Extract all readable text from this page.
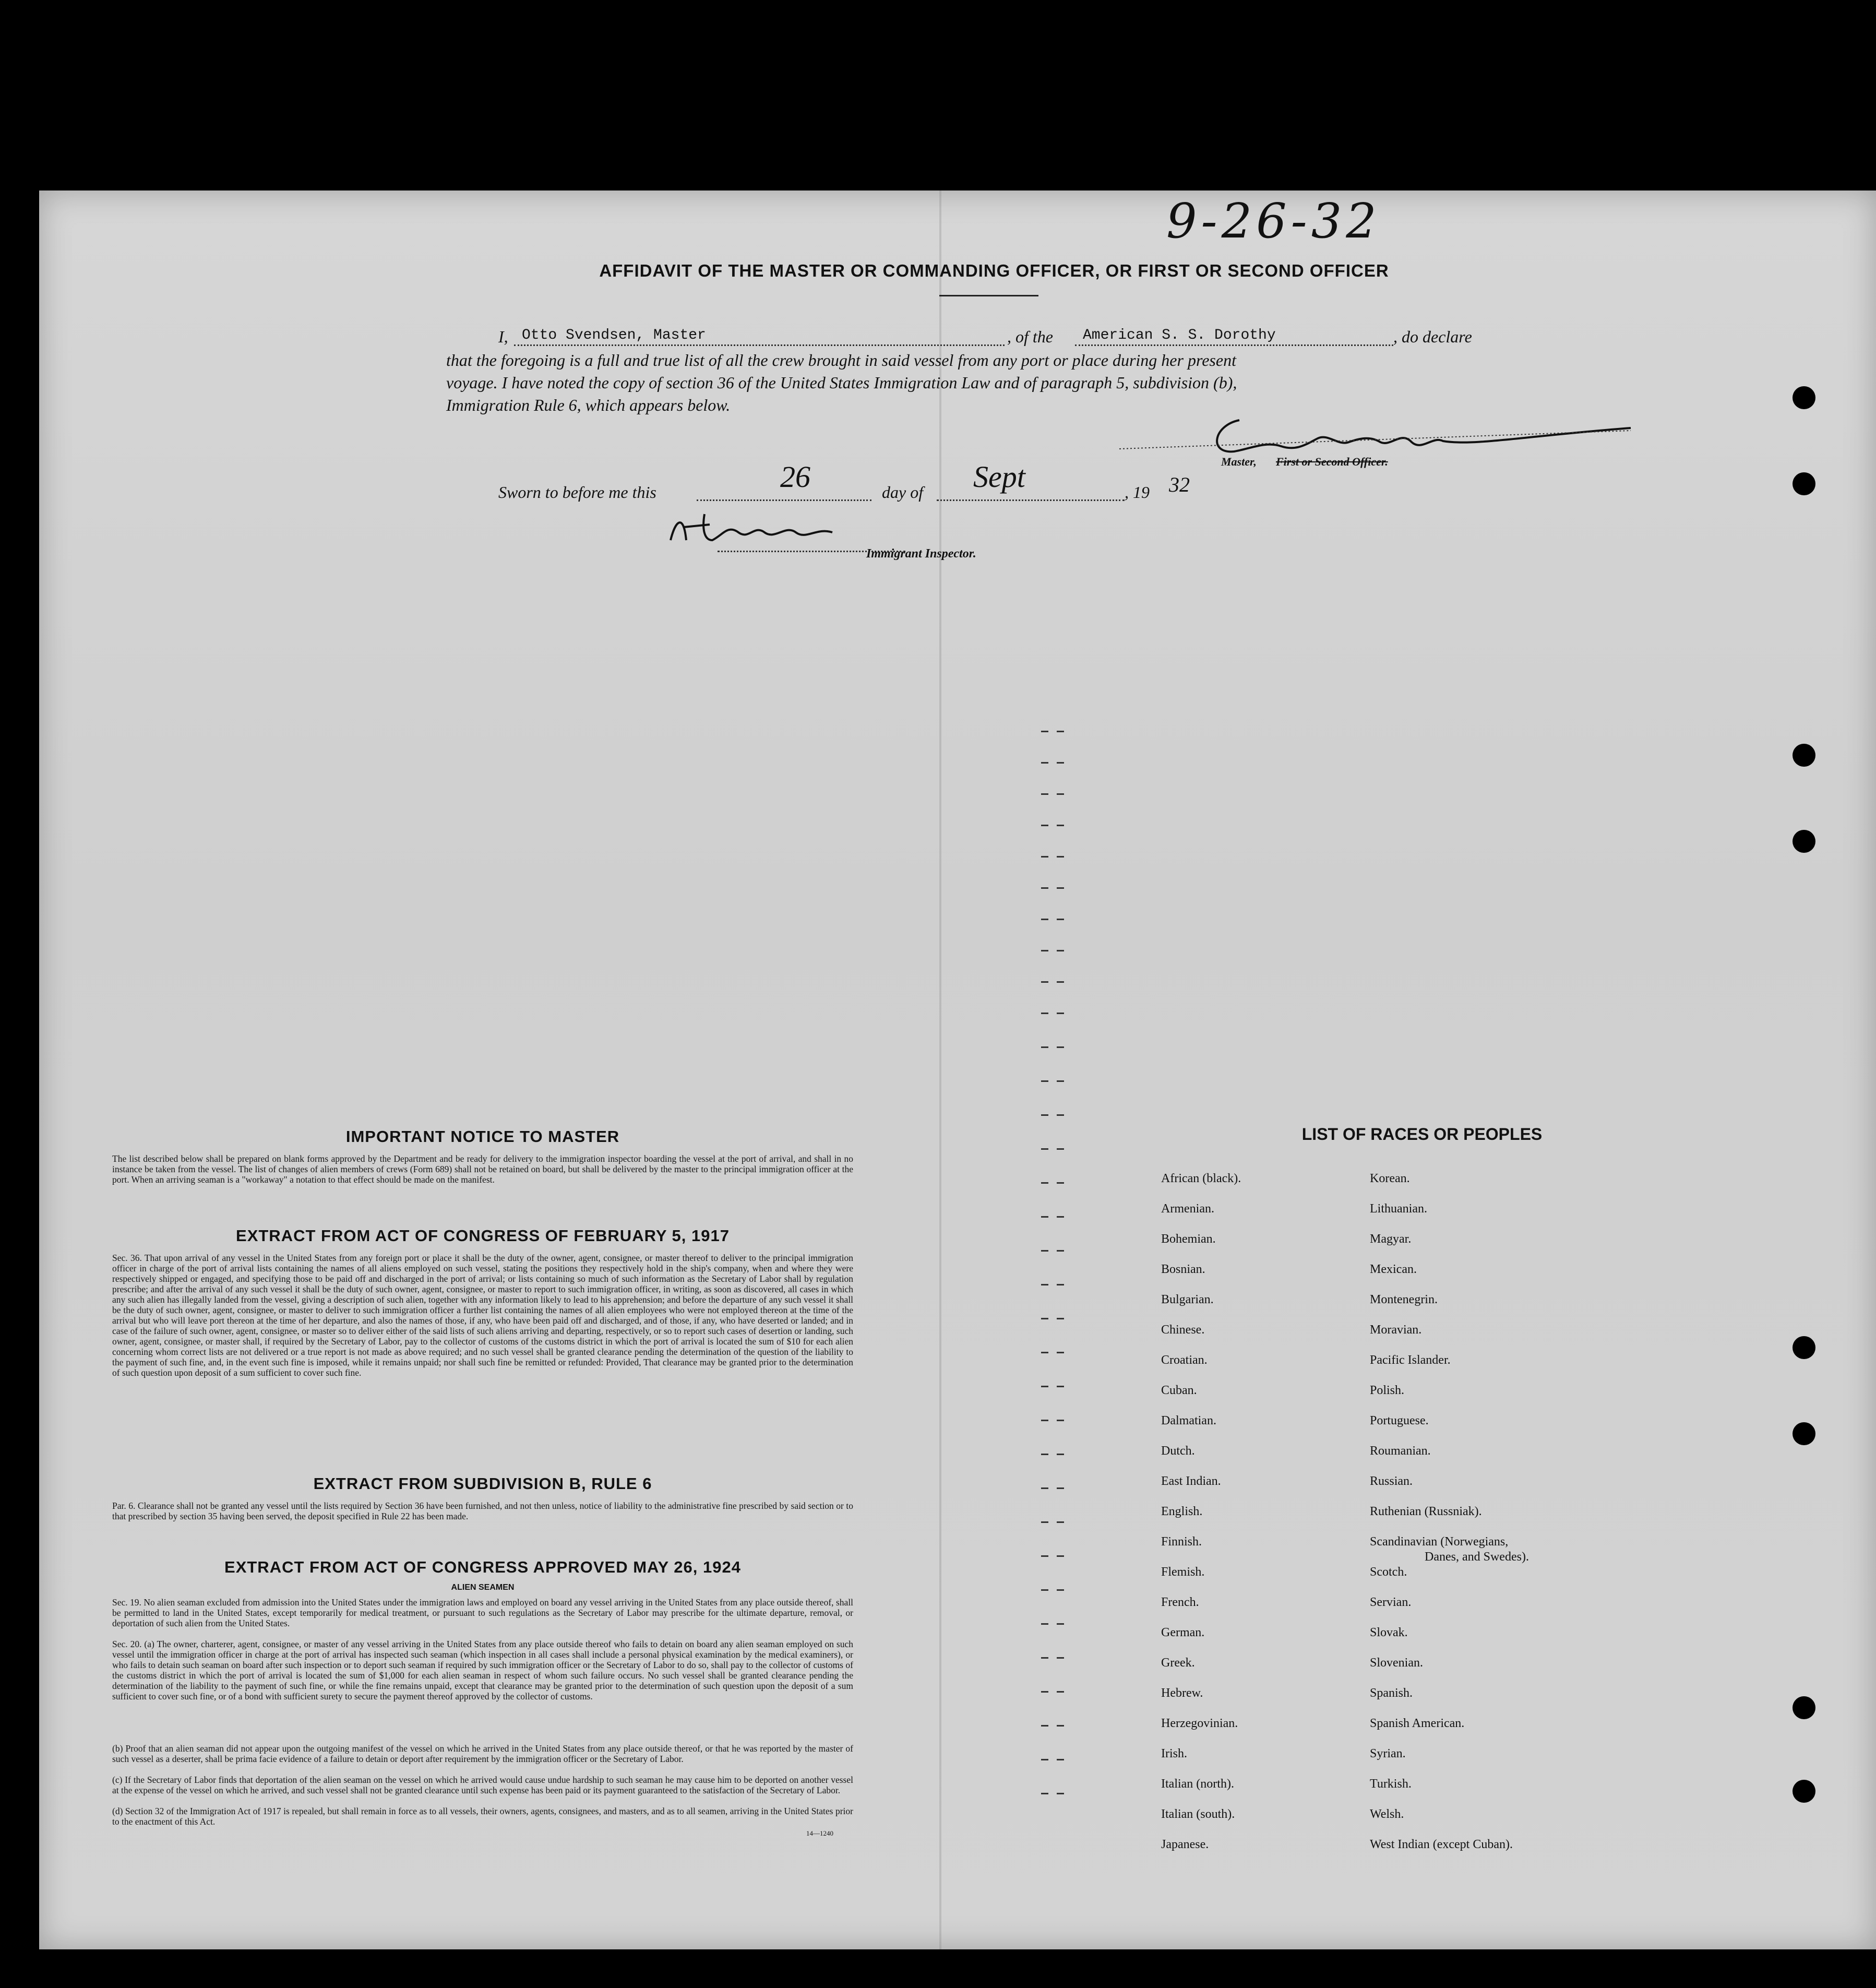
9-26-32
AFFIDAVIT OF THE MASTER OR COMMANDING OFFICER, OR FIRST OR SECOND OFFICER
I, Otto Svendsen, Master	, of the American S. S. Dorothy	, do declare
that the foregoing is a full and true list of all the crew brought in said vessel from any port or place during her present
voyage. I have noted the copy of section 36 of the United States Immigration Law and of paragraph 5, subdivision (b),
Immigration Rule 6, which appears below.
Master, First or Second Officer.
Sworn to before me this	26	day of Sept	, 19 32
Immigrant Inspector.
IMPORTANT NOTICE TO MASTER
The list described below shall be prepared on blank forms approved by the Department and be ready for delivery to the immigration inspector boarding the vessel at the port of arrival, and shall in no instance be taken from the vessel. The list of changes of alien members of crews (Form 689) shall not be retained on board, but shall be delivered by the master to the principal immigration officer at the port. When an arriving seaman is a "workaway" a notation to that effect should be made on the manifest.
EXTRACT FROM ACT OF CONGRESS OF FEBRUARY 5, 1917
Sec. 36. That upon arrival of any vessel in the United States from any foreign port or place it shall be the duty of the owner, agent, consignee, or master thereof to deliver to the principal immigration officer in charge of the port of arrival lists containing the names of all aliens employed on such vessel, stating the positions they respectively hold in the ship's company, when and where they were respectively shipped or engaged, and specifying those to be paid off and discharged in the port of arrival; or lists containing so much of such information as the Secretary of Labor shall by regulation prescribe; and after the arrival of any such vessel it shall be the duty of such owner, agent, consignee, or master to report to such immigration officer, in writing, as soon as discovered, all cases in which any such alien has illegally landed from the vessel, giving a description of such alien, together with any information likely to lead to his apprehension; and before the departure of any such vessel it shall be the duty of such owner, agent, consignee, or master to deliver to such immigration officer a further list containing the names of all alien employees who were not employed thereon at the time of the arrival but who will leave port thereon at the time of her departure, and also the names of those, if any, who have been paid off and discharged, and of those, if any, who have deserted or landed; and in case of the failure of such owner, agent, consignee, or master so to deliver either of the said lists of such aliens arriving and departing, respectively, or so to report such cases of desertion or landing, such owner, agent, consignee, or master shall, if required by the Secretary of Labor, pay to the collector of customs of the customs district in which the port of arrival is located the sum of $10 for each alien concerning whom correct lists are not delivered or a true report is not made as above required; and no such vessel shall be granted clearance pending the determination of the question of the liability to the payment of such fine, and, in the event such fine is imposed, while it remains unpaid; nor shall such fine be remitted or refunded: Provided, That clearance may be granted prior to the determination of such question upon deposit of a sum sufficient to cover such fine.
EXTRACT FROM SUBDIVISION B, RULE 6
Par. 6. Clearance shall not be granted any vessel until the lists required by Section 36 have been furnished, and not then unless, notice of liability to the administrative fine prescribed by said section or to that prescribed by section 35 having been served, the deposit specified in Rule 22 has been made.
EXTRACT FROM ACT OF CONGRESS APPROVED MAY 26, 1924
ALIEN SEAMEN
Sec. 19. No alien seaman excluded from admission into the United States under the immigration laws and employed on board any vessel arriving in the United States from any place outside thereof, shall be permitted to land in the United States, except temporarily for medical treatment, or pursuant to such regulations as the Secretary of Labor may prescribe for the ultimate departure, removal, or deportation of such alien from the United States.
Sec. 20. (a) The owner, charterer, agent, consignee, or master of any vessel arriving in the United States from any place outside thereof who fails to detain on board any alien seaman employed on such vessel until the immigration officer in charge at the port of arrival has inspected such seaman (which inspection in all cases shall include a personal physical examination by the medical examiners), or who fails to detain such seaman on board after such inspection or to deport such seaman if required by such immigration officer or the Secretary of Labor to do so, shall pay to the collector of customs of the customs district in which the port of arrival is located the sum of $1,000 for each alien seaman in respect of whom such failure occurs. No such vessel shall be granted clearance pending the determination of the liability to the payment of such fine, or while the fine remains unpaid, except that clearance may be granted prior to the determination of such question upon the deposit of a sum sufficient to cover such fine, or of a bond with sufficient surety to secure the payment thereof approved by the collector of customs.
(b) Proof that an alien seaman did not appear upon the outgoing manifest of the vessel on which he arrived in the United States from any place outside thereof, or that he was reported by the master of such vessel as a deserter, shall be prima facie evidence of a failure to detain or deport after requirement by the immigration officer or the Secretary of Labor.
(c) If the Secretary of Labor finds that deportation of the alien seaman on the vessel on which he arrived would cause undue hardship to such seaman he may cause him to be deported on another vessel at the expense of the vessel on which he arrived, and such vessel shall not be granted clearance until such expense has been paid or its payment guaranteed to the satisfaction of the Secretary of Labor.
(d) Section 32 of the Immigration Act of 1917 is repealed, but shall remain in force as to all vessels, their owners, agents, consignees, and masters, and as to all seamen, arriving in the United States prior to the enactment of this Act.
14—1240
LIST OF RACES OR PEOPLES
African (black).
Armenian.
Bohemian.
Bosnian.
Bulgarian.
Chinese.
Croatian.
Cuban.
Dalmatian.
Dutch.
East Indian.
English.
Finnish.
Flemish.
French.
German.
Greek.
Hebrew.
Herzegovinian.
Irish.
Italian (north).
Italian (south).
Japanese.
Korean.
Lithuanian.
Magyar.
Mexican.
Montenegrin.
Moravian.
Pacific Islander.
Polish.
Portuguese.
Roumanian.
Russian.
Ruthenian (Russniak).
Scandinavian (Norwegians,
Scotch.
Servian.
Slovak.
Slovenian.
Spanish.
Spanish American.
Syrian.
Turkish.
Welsh.
West Indian (except Cuban).
Danes, and Swedes).
